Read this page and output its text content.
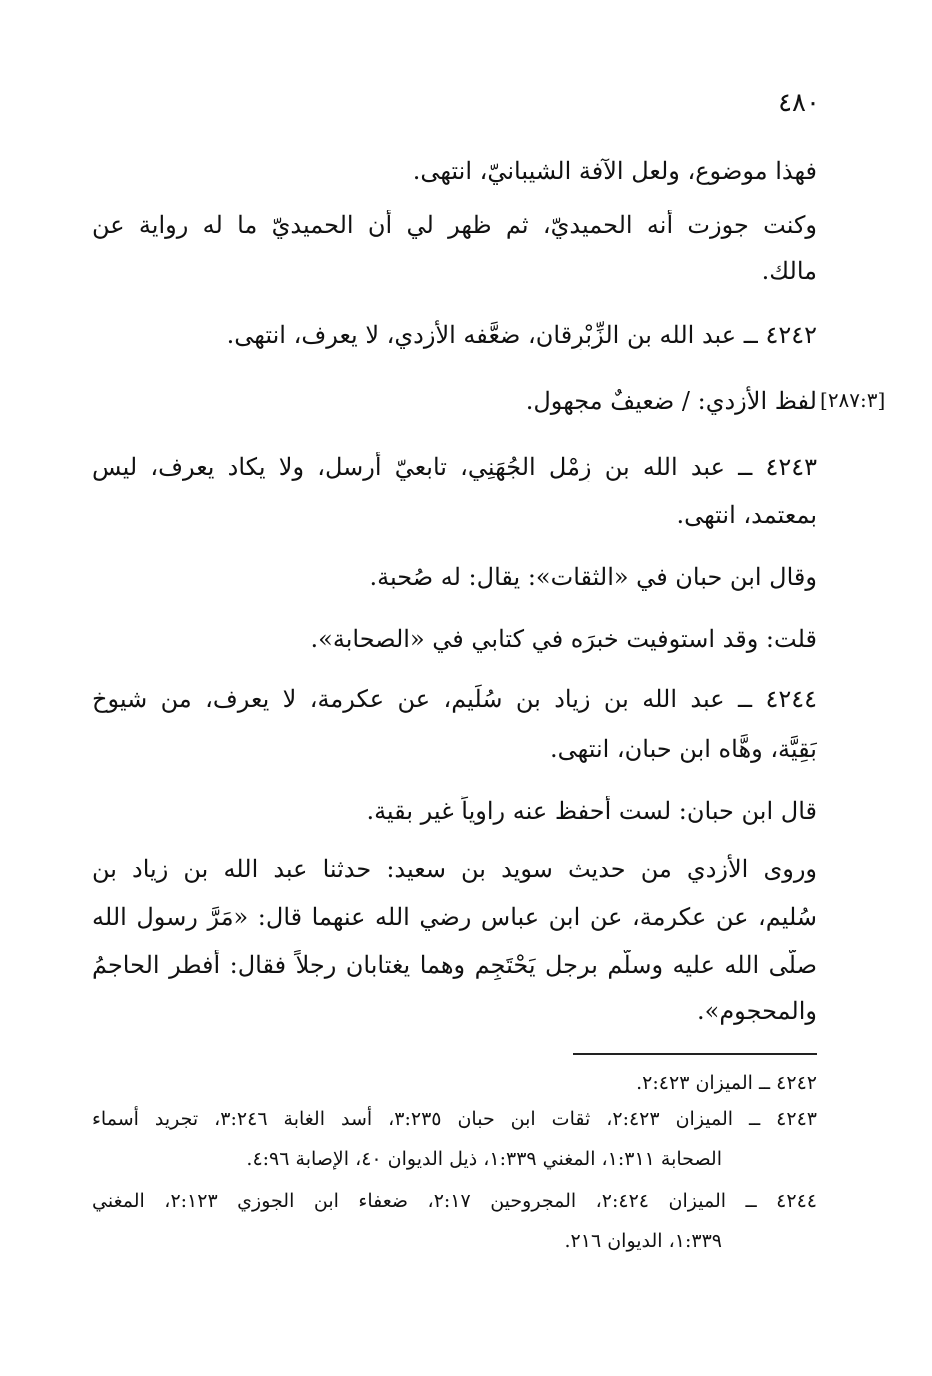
٤٨٠
فهذا موضوع، ولعل الآفة الشيبانيّ، انتهى.
وكنت جوزت أنه الحميديّ، ثم ظهر لي أن الحميديّ ما له رواية عن
مالك.
٤٢٤٢ ــ عبد الله بن الزِّبْرِقان، ضعَّفه الأزدي، لا يعرف، انتهى.
لفظ الأزدي: / ضعيفٌ مجهول. [٢٨٧:٣]
٤٢٤٣ ــ عبد الله بن زِمْل الجُهَنِي، تابعيّ أرسل، ولا يكاد يعرف، ليس
بمعتمد، انتهى.
وقال ابن حبان في «الثقات»: يقال: له صُحبة.
قلت: وقد استوفيت خبرَه في كتابي في «الصحابة».
٤٢٤٤ ــ عبد الله بن زياد بن سُلَيم، عن عكرمة، لا يعرف، من شيوخ
بَقِيَّة، وهَّاه ابن حبان، انتهى.
قال ابن حبان: لست أحفظ عنه راوياً غير بقية.
وروى الأزدي من حديث سويد بن سعيد: حدثنا عبد الله بن زياد بن
سُليم، عن عكرمة، عن ابن عباس رضي الله عنهما قال: «مَرَّ رسول الله
صلَّى الله عليه وسلَّم برجل يَحْتَجِم وهما يغتابان رجلاً فقال: أفطر الحاجمُ
والمحجوم».
٤٢٤٢ ــ الميزان ٢:٤٢٣.
٤٢٤٣ ــ الميزان ٢:٤٢٣، ثقات ابن حبان ٣:٢٣٥، أسد الغابة ٣:٢٤٦، تجريد أسماء
الصحابة ١:٣١١، المغني ١:٣٣٩، ذيل الديوان ٤٠، الإصابة ٤:٩٦.
٤٢٤٤ ــ الميزان ٢:٤٢٤، المجروحين ٢:١٧، ضعفاء ابن الجوزي ٢:١٢٣، المغني
١:٣٣٩، الديوان ٢١٦.
